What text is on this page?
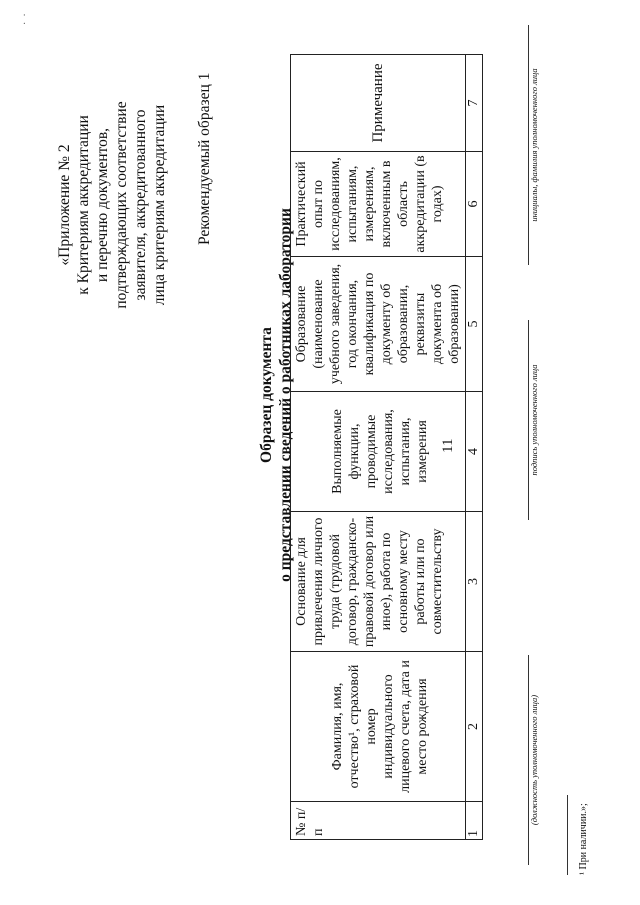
·  ·
11
«Приложение № 2 к Критериям аккредитации и перечню документов, подтверждающих соответствие заявителя, аккредитованного лица критериям аккредитации Рекомендуемый образец 1
Образец документа о представлении сведений о работниках лаборатории
№ п/п	Фамилия, имя, отчество¹, страховой номер индивидуального лицевого счета, дата и место рождения	Основание для привлечения личного труда (трудовой договор, гражданско-правовой договор или иное), работа по основному месту работы или по совместительству	Выполняемые функции, проводимые исследования, испытания, измерения	Образование (наименование учебного заведения, год окончания, квалификация по документу об образовании, реквизиты документа об образовании)	Практический опыт по исследованиям, испытаниям, измерениям, включенным в область аккредитации (в годах)	Примечание
1	2	3	4	5	6	7
(должность уполномоченного лица)
подпись уполномоченного лица
инициалы, фамилия уполномоченного лица
¹ При наличии.»;
